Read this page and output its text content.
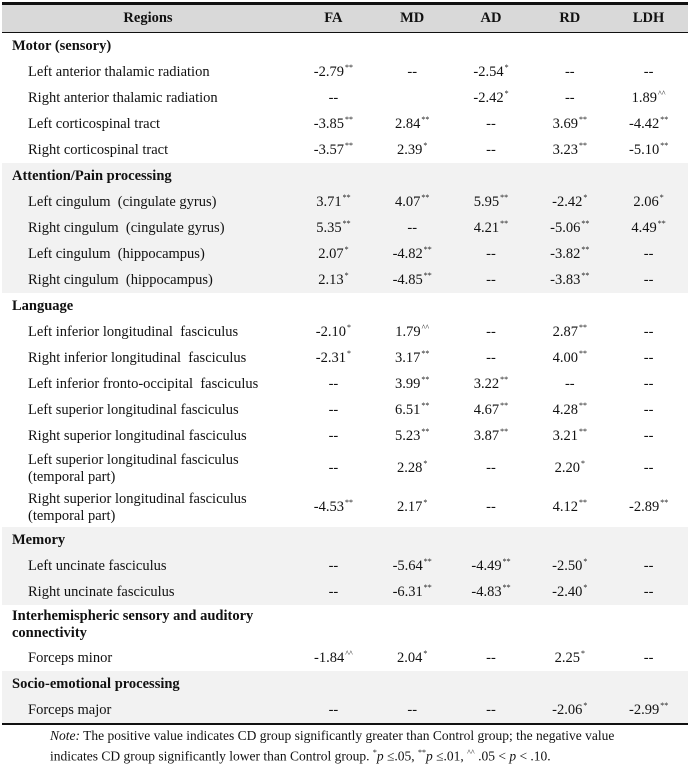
Regions	FA	MD	AD	RD	LDH
Motor (sensory)					
Left anterior thalamic radiation	-2.79**	--	-2.54*	--	--
Right anterior thalamic radiation	--		-2.42*	--	1.89^^
Left corticospinal tract	-3.85**	2.84**	--	3.69**	-4.42**
Right corticospinal tract	-3.57**	2.39*	--	3.23**	-5.10**
Attention/Pain processing					
Left cingulum  (cingulate gyrus)	3.71**	4.07**	5.95**	-2.42*	2.06*
Right cingulum  (cingulate gyrus)	5.35**	--	4.21**	-5.06**	4.49**
Left cingulum  (hippocampus)	2.07*	-4.82**	--	-3.82**	--
Right cingulum  (hippocampus)	2.13*	-4.85**	--	-3.83**	--
Language					
Left inferior longitudinal  fasciculus	-2.10*	1.79^^	--	2.87**	--
Right inferior longitudinal  fasciculus	-2.31*	3.17**	--	4.00**	--
Left inferior fronto-occipital  fasciculus	--	3.99**	3.22**	--	--
Left superior longitudinal fasciculus	--	6.51**	4.67**	4.28**	--
Right superior longitudinal fasciculus	--	5.23**	3.87**	3.21**	--
Left superior longitudinal fasciculus
(temporal part)	--	2.28*	--	2.20*	--
Right superior longitudinal fasciculus
(temporal part)	-4.53**	2.17*	--	4.12**	-2.89**
Memory					
Left uncinate fasciculus	--	-5.64**	-4.49**	-2.50*	--
Right uncinate fasciculus	--	-6.31**	-4.83**	-2.40*	--
Interhemispheric sensory and auditory
connectivity					
Forceps minor	-1.84^^	2.04*	--	2.25*	--
Socio-emotional processing					
Forceps major	--	--	--	-2.06*	-2.99**
Note: The positive value indicates CD group significantly greater than Control group; the negative value
indicates CD group significantly lower than Control group. *p ≤.05, **p ≤.01, ^^ .05 < p < .10.
